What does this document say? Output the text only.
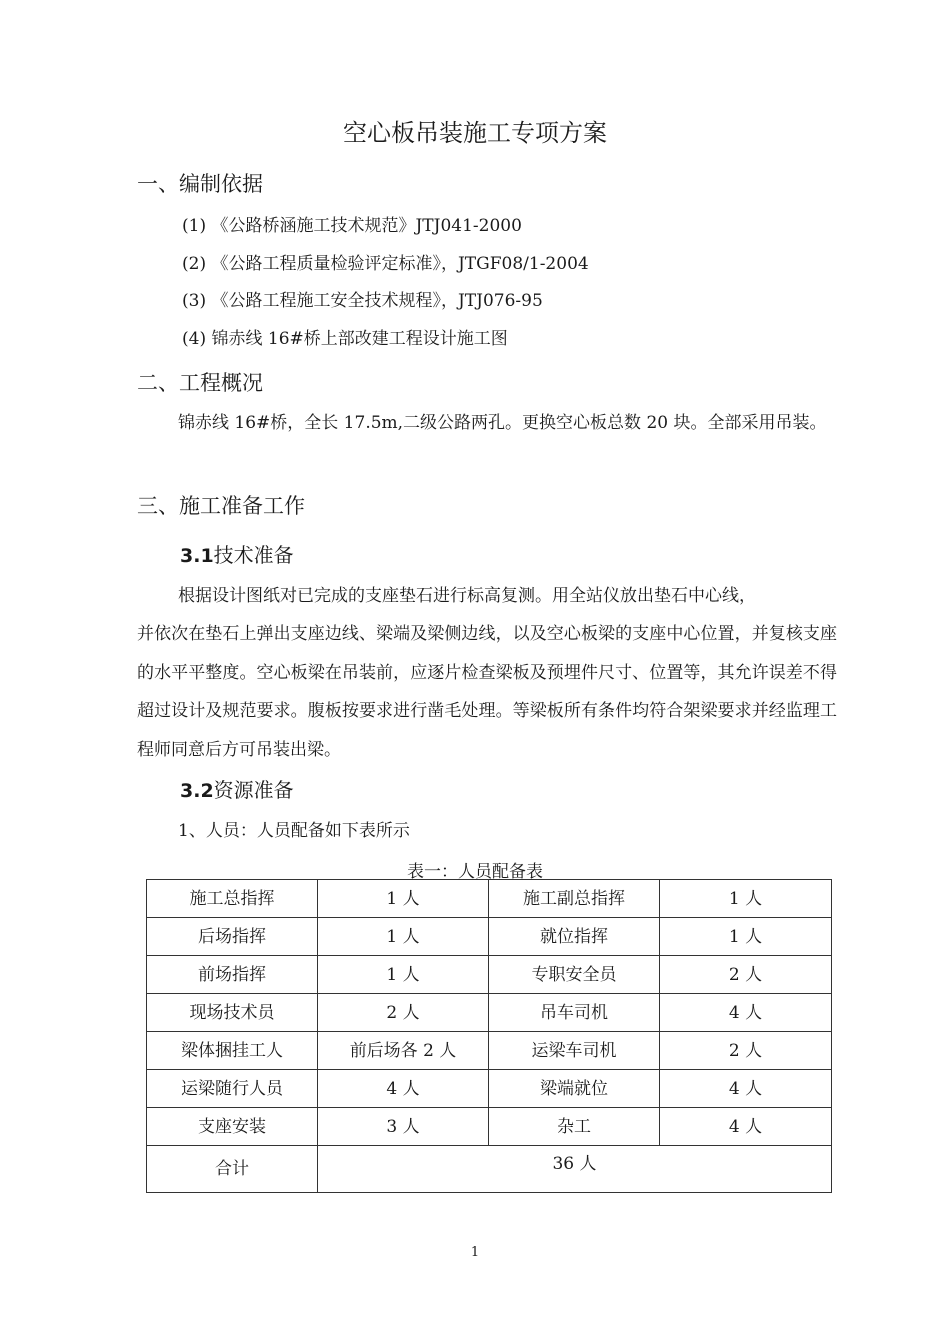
空心板吊装施工专项方案
一、编制依据
(1) 《公路桥涵施工技术规范》JTJ041-2000
(2) 《公路工程质量检验评定标准》，JTGF08/1-2004
(3) 《公路工程施工安全技术规程》，JTJ076-95
(4) 锦赤线 16#桥上部改建工程设计施工图
二、工程概况
锦赤线 16#桥，全长 17.5m,二级公路两孔。更换空心板总数 20 块。全部采用吊装。
三、施工准备工作
3.1技术准备
根据设计图纸对已完成的支座垫石进行标高复测。用全站仪放出垫石中心线，
并依次在垫石上弹出支座边线、梁端及梁侧边线，以及空心板梁的支座中心位置，并复核支座的水平平整度。空心板梁在吊装前，应逐片检查梁板及预埋件尺寸、位置等，其允许误差不得超过设计及规范要求。腹板按要求进行凿毛处理。等梁板所有条件均符合架梁要求并经监理工程师同意后方可吊装出梁。
3.2资源准备
1、人员：人员配备如下表所示
表一：人员配备表
施工总指挥	1 人	施工副总指挥	1 人
后场指挥	1 人	就位指挥	1 人
前场指挥	1 人	专职安全员	2 人
现场技术员	2 人	吊车司机	4 人
梁体捆挂工人	前后场各 2 人	运梁车司机	2 人
运梁随行人员	4 人	梁端就位	4 人
支座安装	3 人	杂工	4 人
合计	36 人		
1
